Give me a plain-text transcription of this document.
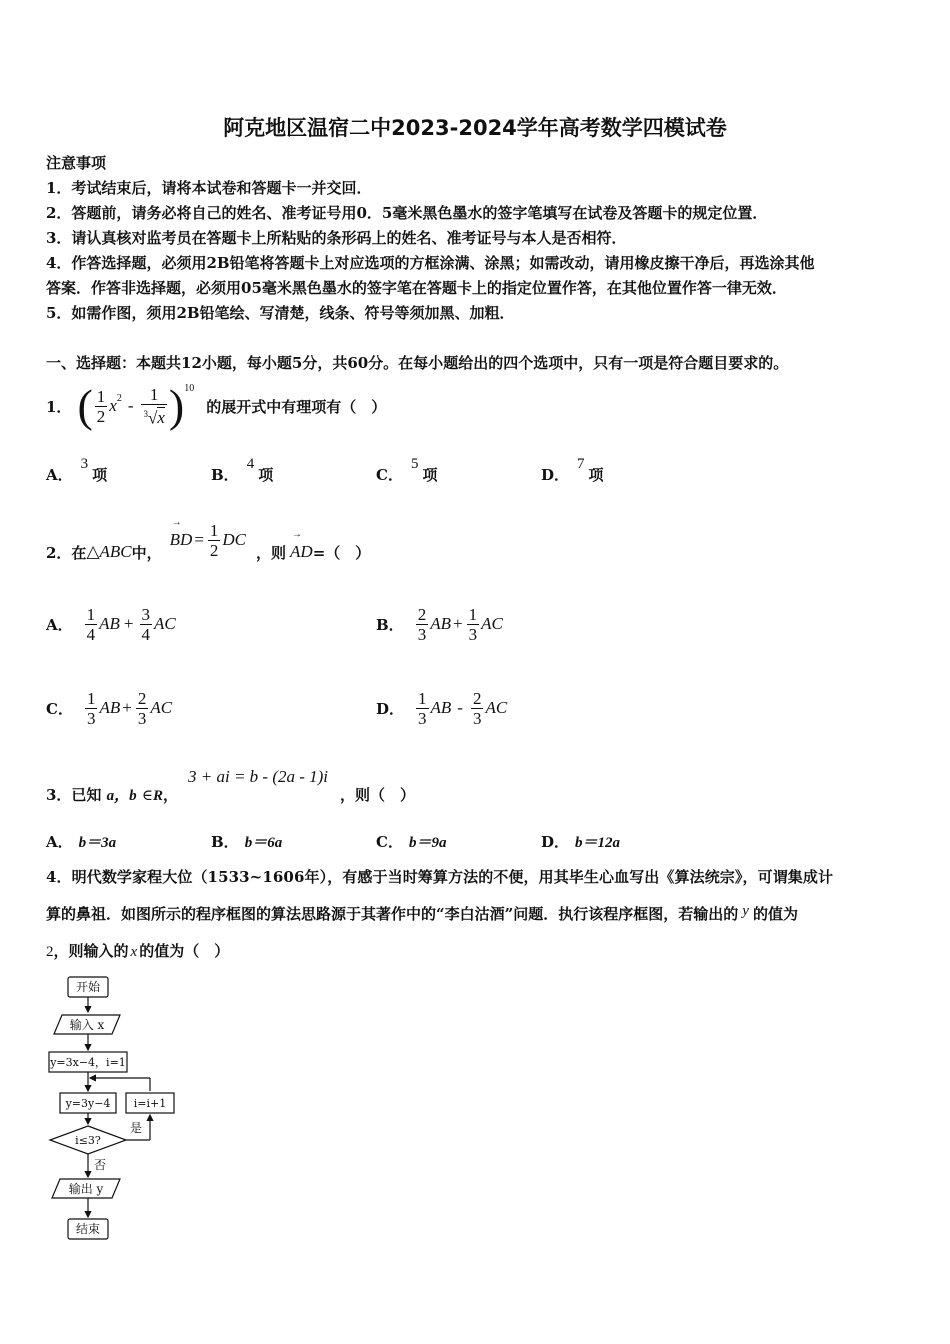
阿克地区温宿二中2023-2024学年高考数学四模试卷
注意事项
1．考试结束后，请将本试卷和答题卡一并交回．
2．答题前，请务必将自己的姓名、准考证号用0．5毫米黑色墨水的签字笔填写在试卷及答题卡的规定位置．
3．请认真核对监考员在答题卡上所粘贴的条形码上的姓名、准考证号与本人是否相符．
4．作答选择题，必须用2B铅笔将答题卡上对应选项的方框涂满、涂黑；如需改动，请用橡皮擦干净后，再选涂其他
答案．作答非选择题，必须用05毫米黑色墨水的签字笔在答题卡上的指定位置作答，在其他位置作答一律无效．
5．如需作图，须用2B铅笔绘、写清楚，线条、符号等须加黑、加粗．
一、选择题：本题共12小题，每小题5分，共60分。在每小题给出的四个选项中，只有一项是符合题目要求的。
1． ( $\frac{1}{2} x^2 - \frac{1}{^3√x} )^{10}$
的展开式中有理项有（　）
A．$^3$项	B．$^4$项	C．$^5$项	D．$^7$项
2．在 △ABC 中，
→ BD = $\frac{1}{2}$ DC
，则
→ AD =（　）
A． $\frac{1}{4}$ AB + $\frac{3}{4}$ AC	B． $\frac{2}{3}$ AB + $\frac{1}{3}$ AC
C． $\frac{1}{3}$ AB + $\frac{2}{3}$ AC	D． $\frac{1}{3}$ AB - $\frac{2}{3}$ AC
3．已知 a，b ∈R，
3 + ai = b - (2a - 1)i
，则（　）
A． b＝3a	B． b＝6a	C． b＝9a	D． b＝12a
4．明代数学家程大位（1533~1606年），有感于当时筹算方法的不便，用其毕生心血写出《算法统宗》，可谓集成计
算的鼻祖．如图所示的程序框图的算法思路源于其著作中的“李白沽酒”问题．执行该程序框图，若输出的 y 的值为
2，则输入的 x 的值为（　）
开始
输入 x
y=3x−4，i=1
y=3y−4 i=i+1
i≤3?
是
否
输出 y
结束
